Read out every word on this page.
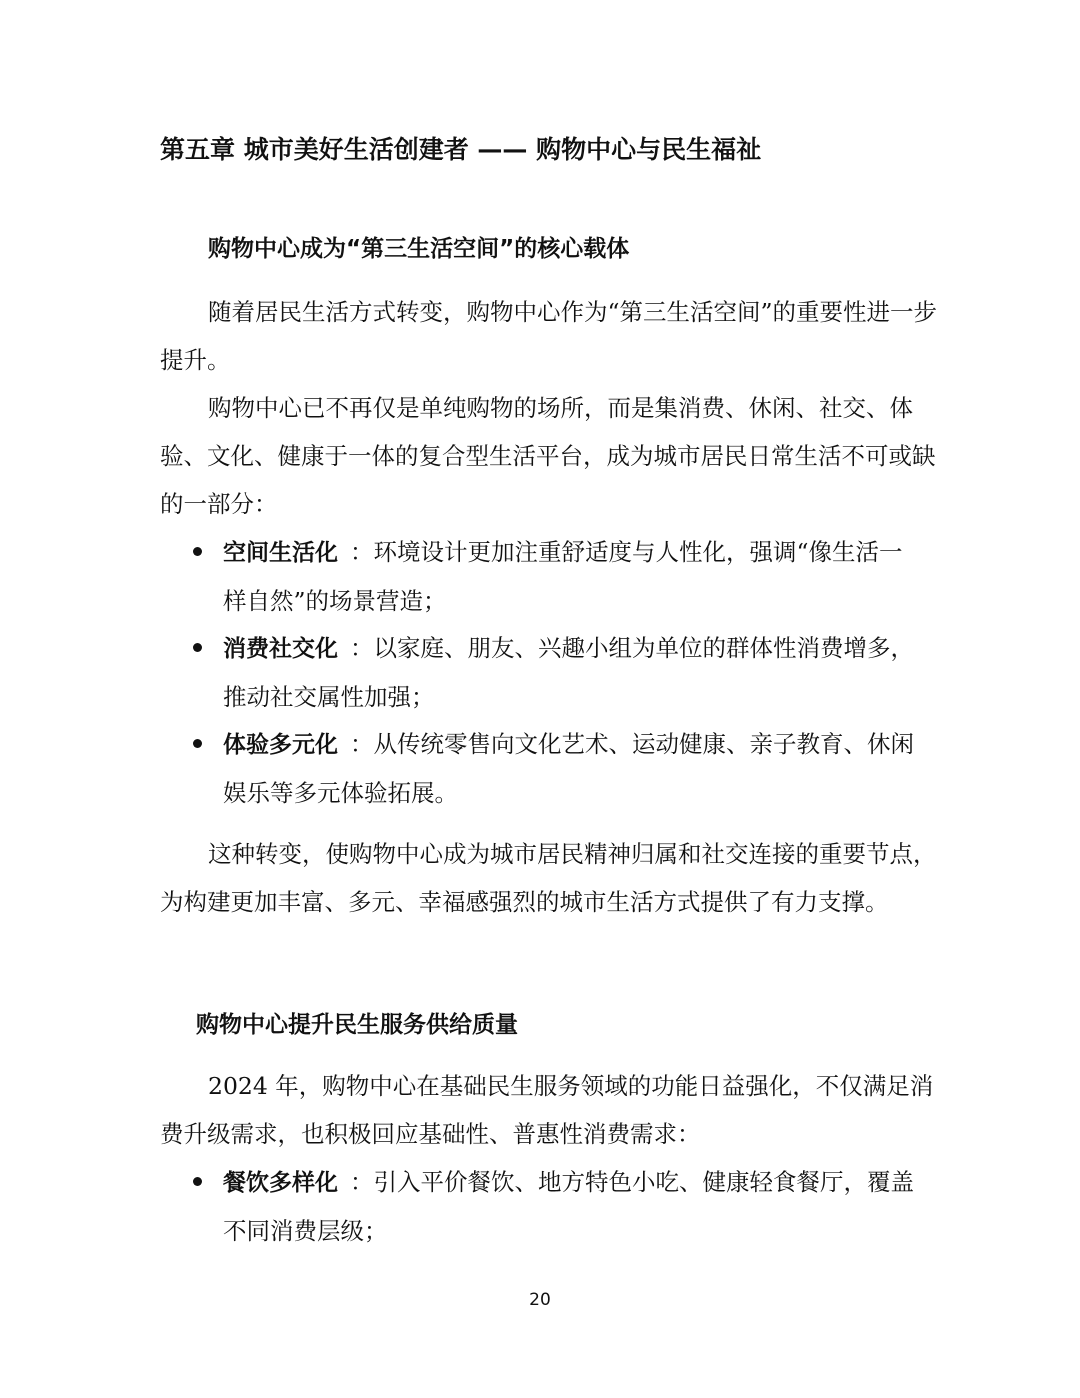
第五章 城市美好生活创建者 —— 购物中心与民生福祉
购物中心成为“第三生活空间”的核心载体

随着居民生活方式转变，购物中心作为“第三生活空间”的重要性进一步提升。

购物中心已不再仅是单纯购物的场所，而是集消费、休闲、社交、体验、文化、健康于一体的复合型生活平台，成为城市居民日常生活不可或缺的一部分：

空间生活化 ：环境设计更加注重舒适度与人性化，强调“像生活一样自然”的场景营造；
消费社交化 ：以家庭、朋友、兴趣小组为单位的群体性消费增多，推动社交属性加强；
体验多元化 ：从传统零售向文化艺术、运动健康、亲子教育、休闲娱乐等多元体验拓展。

这种转变，使购物中心成为城市居民精神归属和社交连接的重要节点，为构建更加丰富、多元、幸福感强烈的城市生活方式提供了有力支撑。

购物中心提升民生服务供给质量

2024 年，购物中心在基础民生服务领域的功能日益强化，不仅满足消费升级需求，也积极回应基础性、普惠性消费需求：

餐饮多样化 ：引入平价餐饮、地方特色小吃、健康轻食餐厅，覆盖不同消费层级；
20
